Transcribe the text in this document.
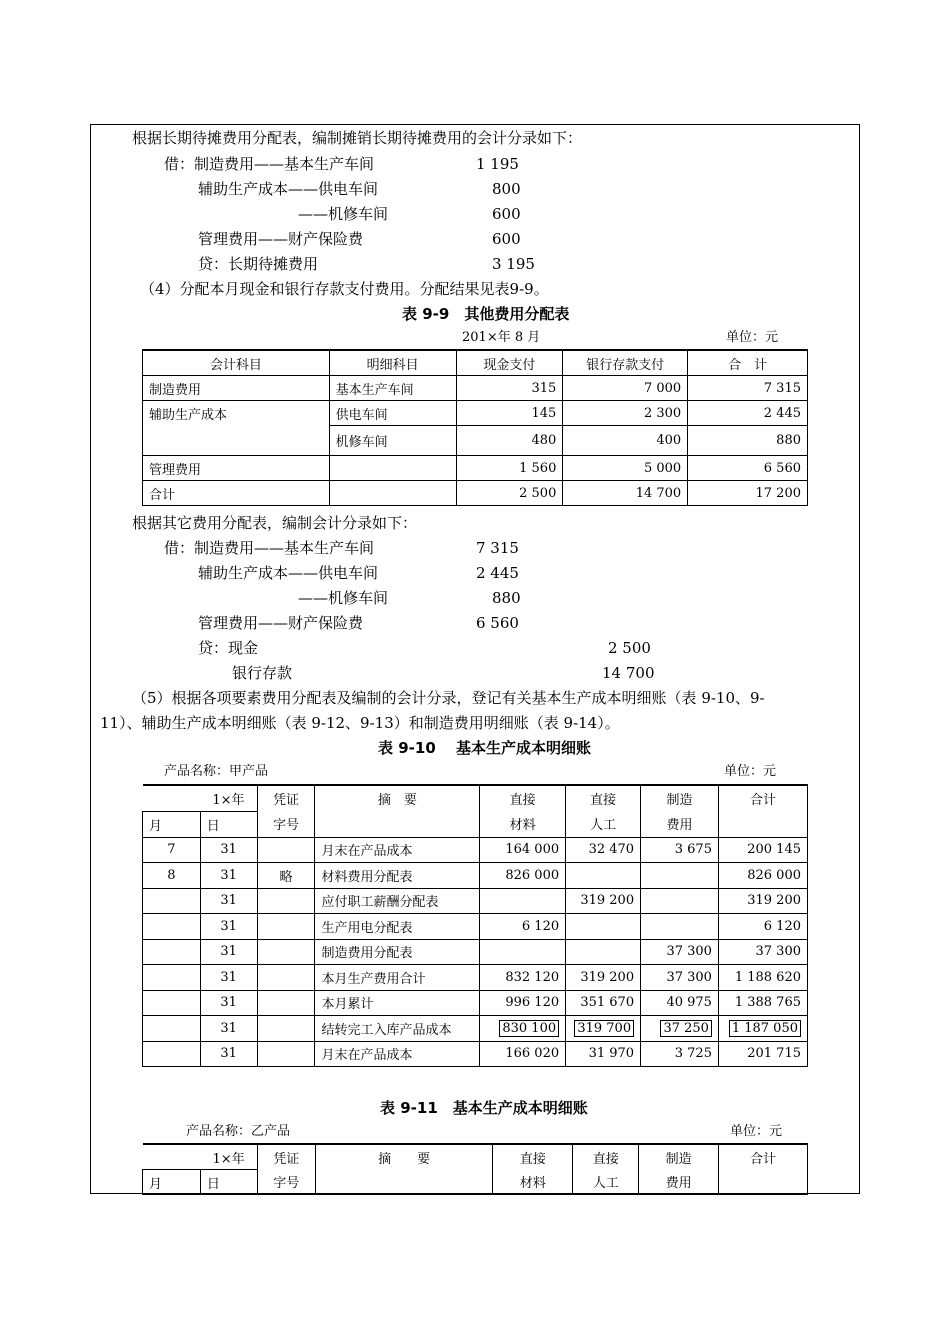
根据长期待摊费用分配表，编制摊销长期待摊费用的会计分录如下：
借：制造费用——基本生产车间	1 195
辅助生产成本——供电车间	800
——机修车间	600
管理费用——财产保险费	600
贷：长期待摊费用	3 195
（4）分配本月现金和银行存款支付费用。分配结果见表9-9。
表 9-9　其他费用分配表
201×年 8 月	单位：元
会计科目	明细科目	现金支付	银行存款支付	合　计
制造费用	基本生产车间	315	7 000	7 315
辅助生产成本	供电车间	145	2 300	2 445
	机修车间	480	400	880
管理费用		1 560	5 000	6 560
合计		2 500	14 700	17 200
根据其它费用分配表，编制会计分录如下：
借：制造费用——基本生产车间	7 315
辅助生产成本——供电车间	2 445
——机修车间	880
管理费用——财产保险费	6 560
贷：现金	2 500
银行存款	14 700
（5）根据各项要素费用分配表及编制的会计分录，登记有关基本生产成本明细账（表 9-10、9-
11）、辅助生产成本明细账（表 9-12、9-13）和制造费用明细账（表 9-14）。
表 9-10　 基本生产成本明细账
产品名称：甲产品	单位：元
	1×年	凭证	摘　要	直接	直接	制造	合计
月	日	字号		材料	人工	费用	
7	31		月末在产品成本	164 000	32 470	3 675	200 145
8	31	略	材料费用分配表	826 000			826 000
	31		应付职工薪酬分配表		319 200		319 200
	31		生产用电分配表	6 120			6 120
	31		制造费用分配表			37 300	37 300
	31		本月生产费用合计	832 120	319 200	37 300	1 188 620
	31		本月累计	996 120	351 670	40 975	1 388 765
	31		结转完工入库产品成本	830 100	319 700	37 250	1 187 050
	31		月末在产品成本	166 020	31 970	3 725	201 715
表 9-11　基本生产成本明细账
产品名称：乙产品	单位：元
	1×年	凭证	摘　　要	直接	直接	制造	合计
月	日	字号		材料	人工	费用	
